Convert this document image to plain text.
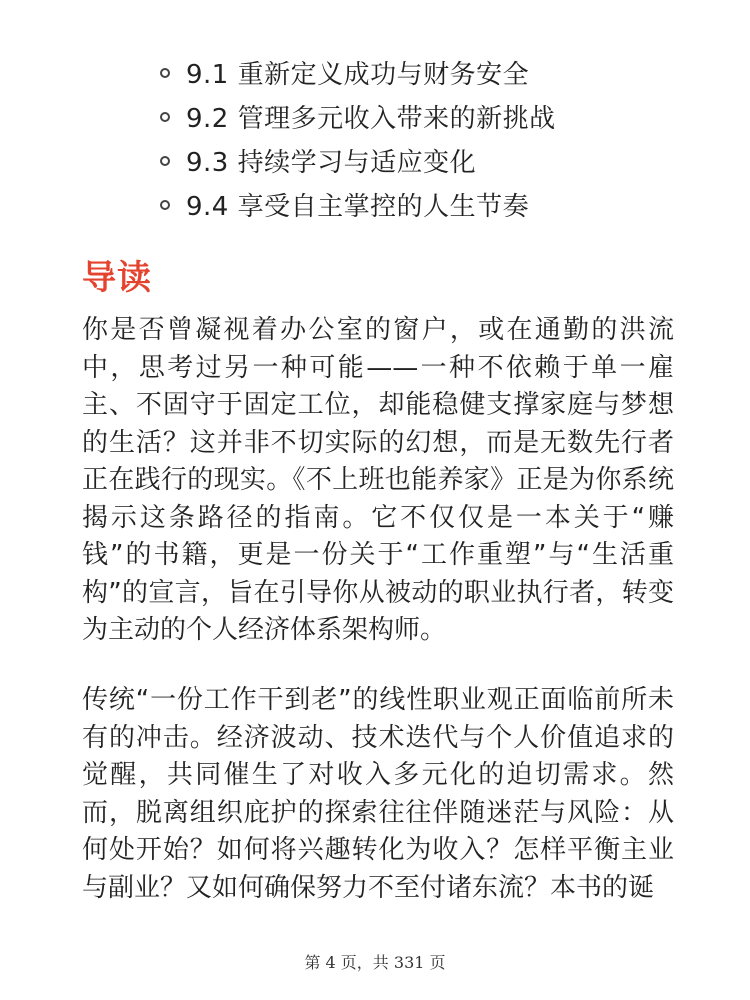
9.1 重新定义成功与财务安全
9.2 管理多元收入带来的新挑战
9.3 持续学习与适应变化
9.4 享受自主掌控的人生节奏
导读

你是否曾凝视着办公室的窗户，或在通勤的洪流中，思考过另一种可能——一种不依赖于单一雇主、不固守于固定工位，却能稳健支撑家庭与梦想的生活？这并非不切实际的幻想，而是无数先行者正在践行的现实。《不上班也能养家》正是为你系统揭示这条路径的指南。它不仅仅是一本关于“赚钱”的书籍，更是一份关于“工作重塑”与“生活重构”的宣言，旨在引导你从被动的职业执行者，转变为主动的个人经济体系架构师。

传统“一份工作干到老”的线性职业观正面临前所未有的冲击。经济波动、技术迭代与个人价值追求的觉醒，共同催生了对收入多元化的迫切需求。然而，脱离组织庇护的探索往往伴随迷茫与风险：从何处开始？如何将兴趣转化为收入？怎样平衡主业与副业？又如何确保努力不至付诸东流？本书的诞

第 4 页，共 331 页
